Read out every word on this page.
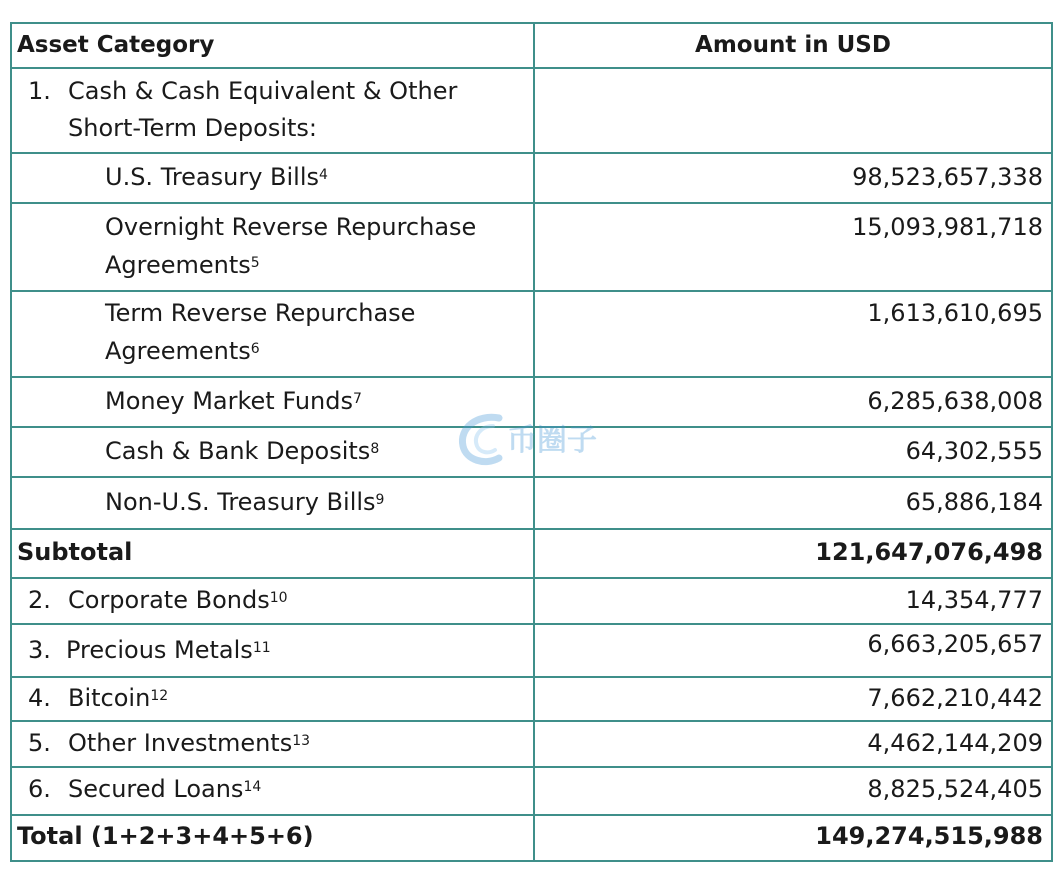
Asset Category	Amount in USD

1. Cash & Cash Equivalent & Other
Short-Term Deposits:	

U.S. Treasury Bills$^4$	98,523,657,338

Overnight Reverse Repurchase
Agreements$^5$	15,093,981,718

Term Reverse Repurchase
Agreements$^6$	1,613,610,695

Money Market Funds$^7$	6,285,638,008

Cash & Bank Deposits$^8$	64,302,555

Non-U.S. Treasury Bills$^9$	65,886,184

Subtotal	121,647,076,498

2. Corporate Bonds$^{10}$	14,354,777

3. Precious Metals$^{11}$	6,663,205,657

4. Bitcoin$^{12}$	7,662,210,442

5. Other Investments$^{13}$	4,462,144,209

6. Secured Loans$^{14}$	8,825,524,405

Total (1+2+3+4+5+6)	149,274,515,988
币圈子
